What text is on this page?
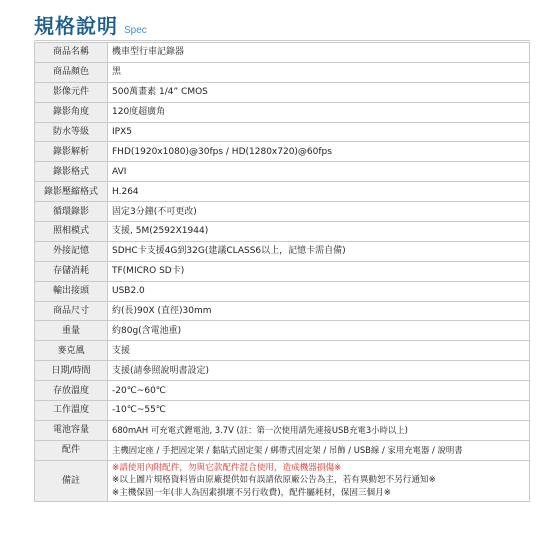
規格說明 Spec
商品名稱	機車型行車記錄器
商品顏色	黑
影像元件	500萬畫素 1/4” CMOS
錄影角度	120度超廣角
防水等級	IPX5
錄影解析	FHD(1920x1080)@30fps / HD(1280x720)@60fps
錄影格式	AVI
錄影壓縮格式	H.264
循環錄影	固定3分鐘(不可更改)
照相模式	支援, 5M(2592X1944)
外接記憶	SDHC卡支援4G到32G(建議CLASS6以上，記憶卡需自備)
存儲消耗	TF(MICRO SD卡)
輸出接頭	USB2.0
商品尺寸	約(長)90X (直徑)30mm
重量	約80g(含電池重)
麥克風	支援
日期/時間	支援(請參照說明書設定)
存放溫度	-20℃~60℃
工作溫度	-10℃~55℃
電池容量	680mAH 可充電式鋰電池, 3.7V (註：第一次使用請先連接USB充電3小時以上)
配件	主機固定座 / 手把固定架 / 黏貼式固定架 / 綁帶式固定架 / 吊飾 / USB線 / 家用充電器 / 說明書
備註	※請使用內附配件，勿與它款配件混合使用，造成機器損傷※
※以上圖片規格資料皆由原廠提供如有誤請依原廠公告為主，若有異動恕不另行通知※
※主機保固一年(非人為因素損壞不另行收費)，配件屬耗材，保固三個月※
